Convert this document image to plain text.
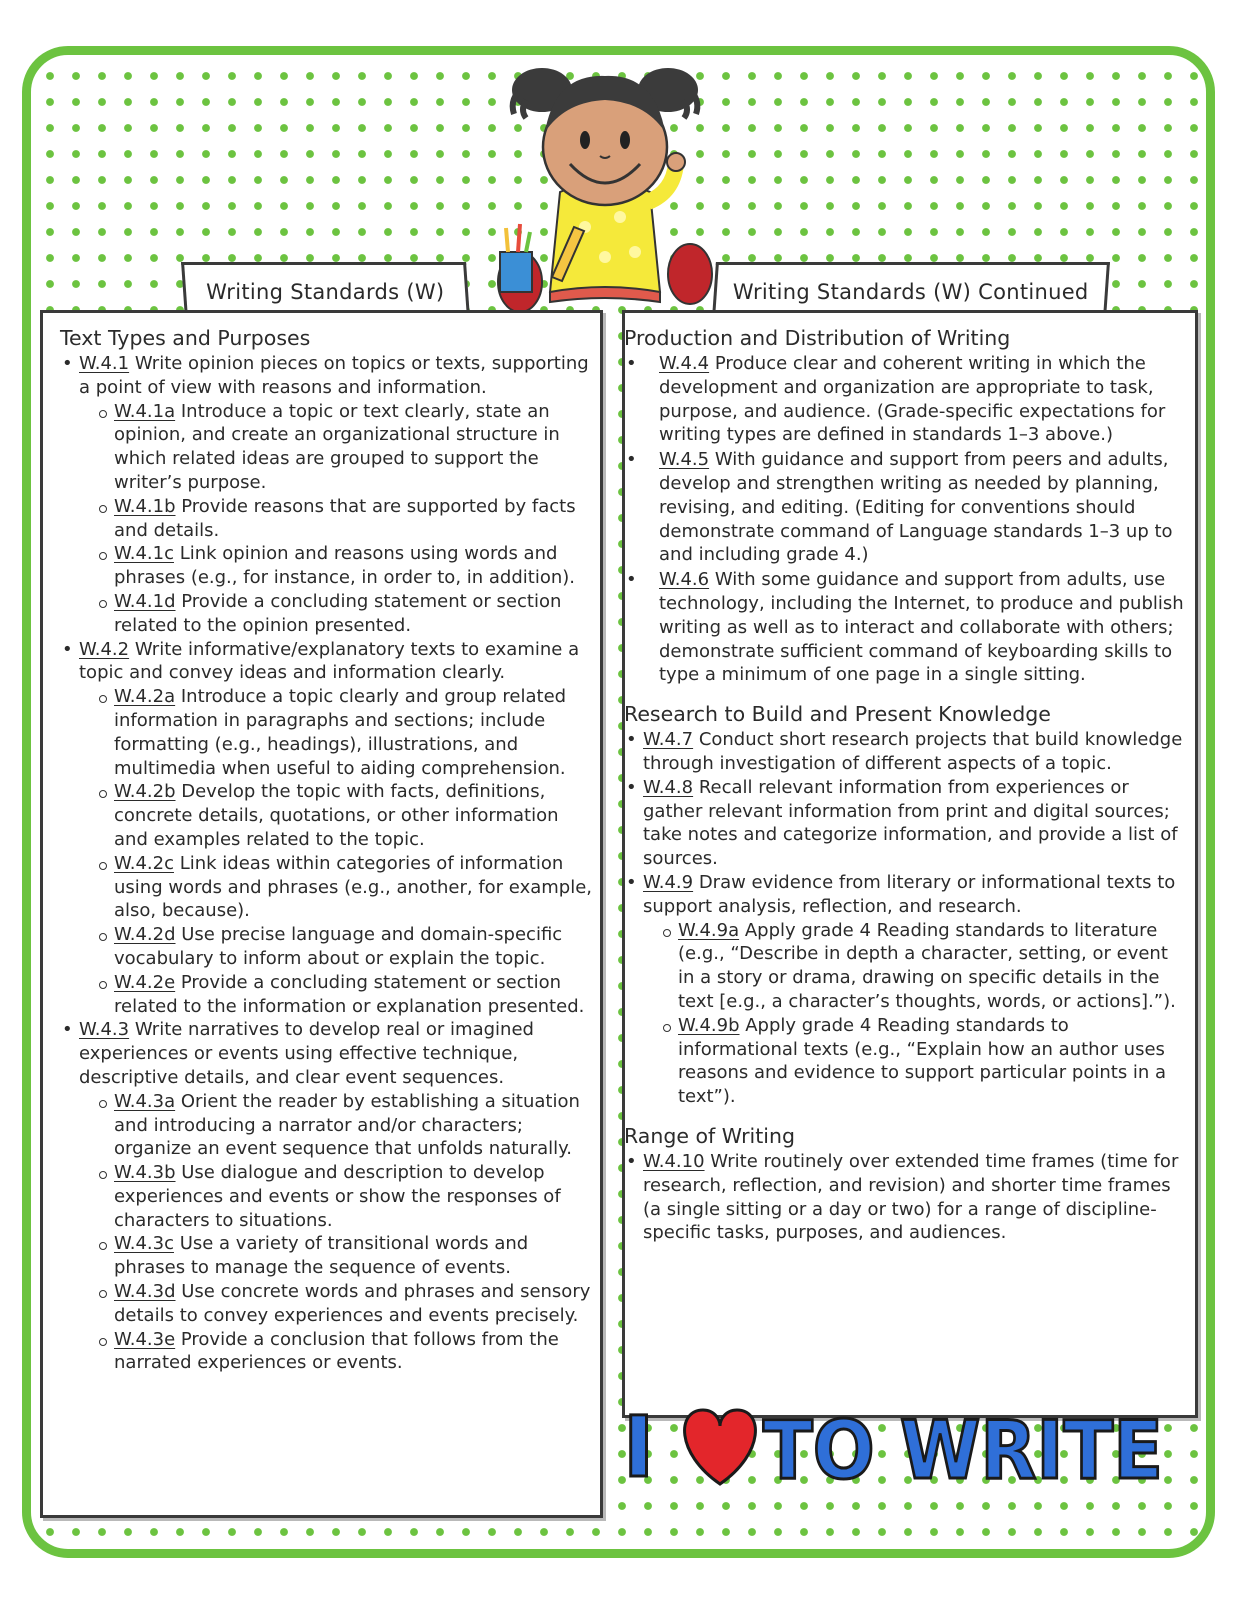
Writing Standards (W)	Writing Standards (W) Continued
Text Types and Purposes
• W.4.1 Write opinion pieces on topics or texts, supporting a point of view with reasons and information.
W.4.1a Introduce a topic or text clearly, state an opinion, and create an organizational structure in which related ideas are grouped to support the writer’s purpose.
W.4.1b Provide reasons that are supported by facts and details.
W.4.1c Link opinion and reasons using words and phrases (e.g., for instance, in order to, in addition).
W.4.1d Provide a concluding statement or section related to the opinion presented.
• W.4.2 Write informative/explanatory texts to examine a topic and convey ideas and information clearly.
W.4.2a Introduce a topic clearly and group related information in paragraphs and sections; include formatting (e.g., headings), illustrations, and multimedia when useful to aiding comprehension.
W.4.2b Develop the topic with facts, definitions, concrete details, quotations, or other information and examples related to the topic.
W.4.2c Link ideas within categories of information using words and phrases (e.g., another, for example, also, because).
W.4.2d Use precise language and domain-specific vocabulary to inform about or explain the topic.
W.4.2e Provide a concluding statement or section related to the information or explanation presented.
• W.4.3 Write narratives to develop real or imagined experiences or events using effective technique, descriptive details, and clear event sequences.
W.4.3a Orient the reader by establishing a situation and introducing a narrator and/or characters; organize an event sequence that unfolds naturally.
W.4.3b Use dialogue and description to develop experiences and events or show the responses of characters to situations.
W.4.3c Use a variety of transitional words and phrases to manage the sequence of events.
W.4.3d Use concrete words and phrases and sensory details to convey experiences and events precisely.
W.4.3e Provide a conclusion that follows from the narrated experiences or events.
Production and Distribution of Writing
• W.4.4 Produce clear and coherent writing in which the development and organization are appropriate to task, purpose, and audience. (Grade-specific expectations for writing types are defined in standards 1–3 above.)
• W.4.5 With guidance and support from peers and adults, develop and strengthen writing as needed by planning, revising, and editing. (Editing for conventions should demonstrate command of Language standards 1–3 up to and including grade 4.)
• W.4.6 With some guidance and support from adults, use technology, including the Internet, to produce and publish writing as well as to interact and collaborate with others; demonstrate sufficient command of keyboarding skills to type a minimum of one page in a single sitting.
Research to Build and Present Knowledge
• W.4.7 Conduct short research projects that build knowledge through investigation of different aspects of a topic.
• W.4.8 Recall relevant information from experiences or gather relevant information from print and digital sources; take notes and categorize information, and provide a list of sources.
• W.4.9 Draw evidence from literary or informational texts to support analysis, reflection, and research.
W.4.9a Apply grade 4 Reading standards to literature (e.g., “Describe in depth a character, setting, or event in a story or drama, drawing on specific details in the text [e.g., a character’s thoughts, words, or actions].”).
W.4.9b Apply grade 4 Reading standards to informational texts (e.g., “Explain how an author uses reasons and evidence to support particular points in a text”).
Range of Writing
• W.4.10 Write routinely over extended time frames (time for research, reflection, and revision) and shorter time frames (a single sitting or a day or two) for a range of discipline-specific tasks, purposes, and audiences.
I TO WRITE
